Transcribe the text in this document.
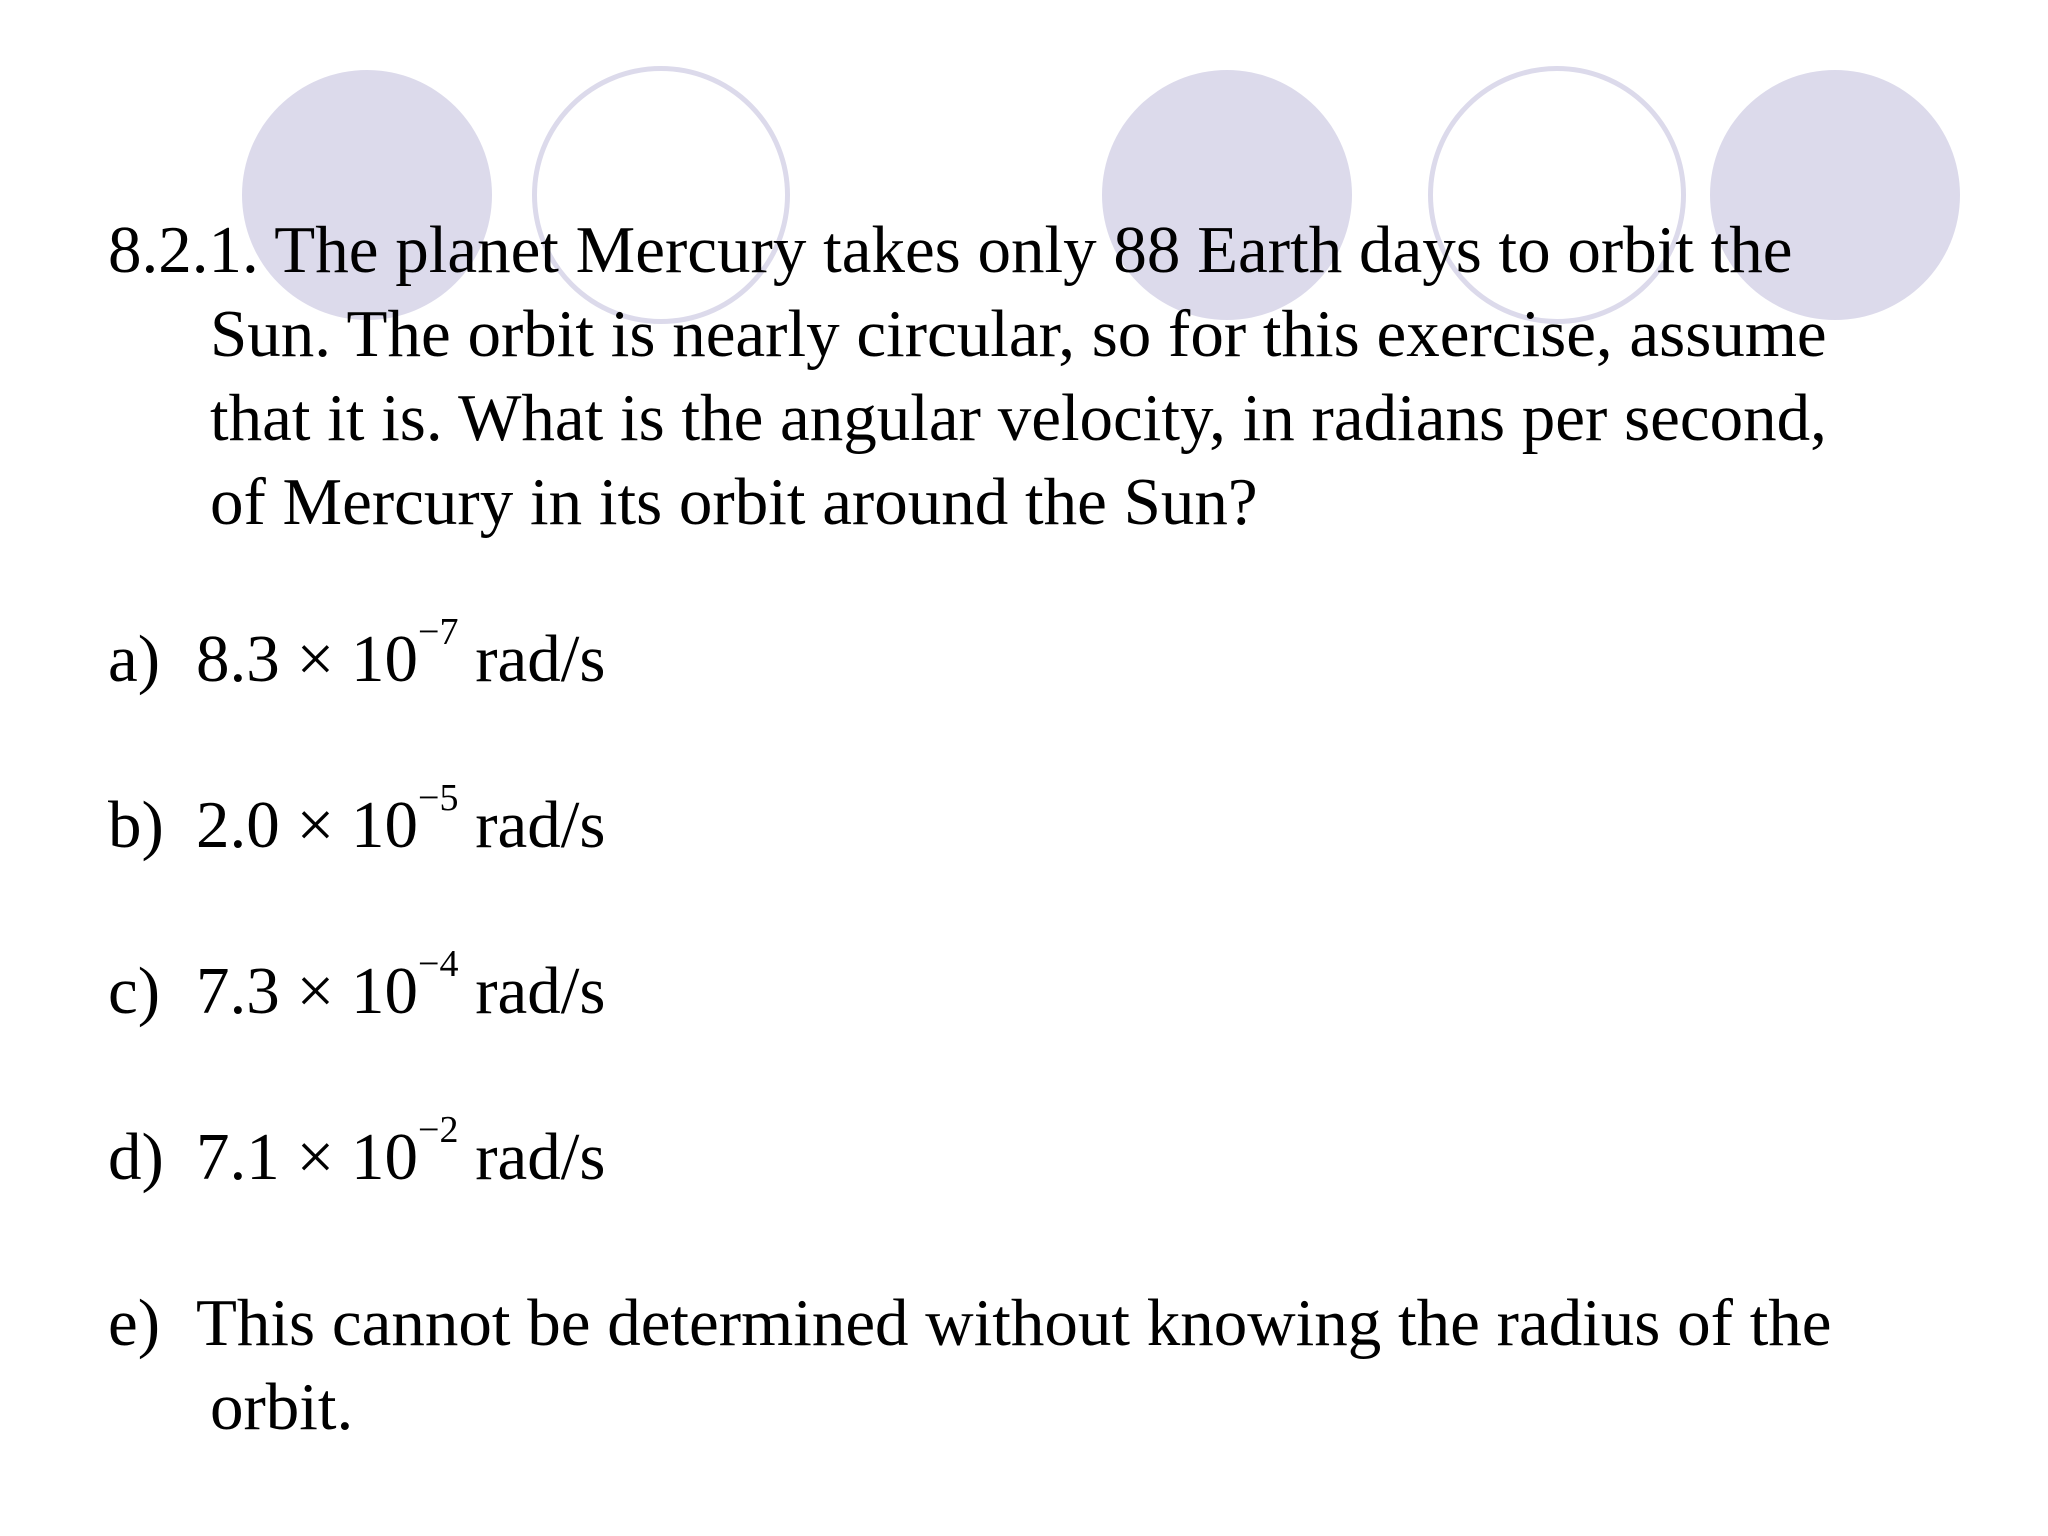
8.2.1. The planet Mercury takes only 88 Earth days to orbit the
Sun. The orbit is nearly circular, so for this exercise, assume
that it is. What is the angular velocity, in radians per second,
of Mercury in its orbit around the Sun?
a) $8.3 \times 10^{-7}$ rad/s
b) $2.0 \times 10^{-5}$ rad/s
c) $7.3 \times 10^{-4}$ rad/s
d) $7.1 \times 10^{-2}$ rad/s
e) This cannot be determined without knowing the radius of the
orbit.
